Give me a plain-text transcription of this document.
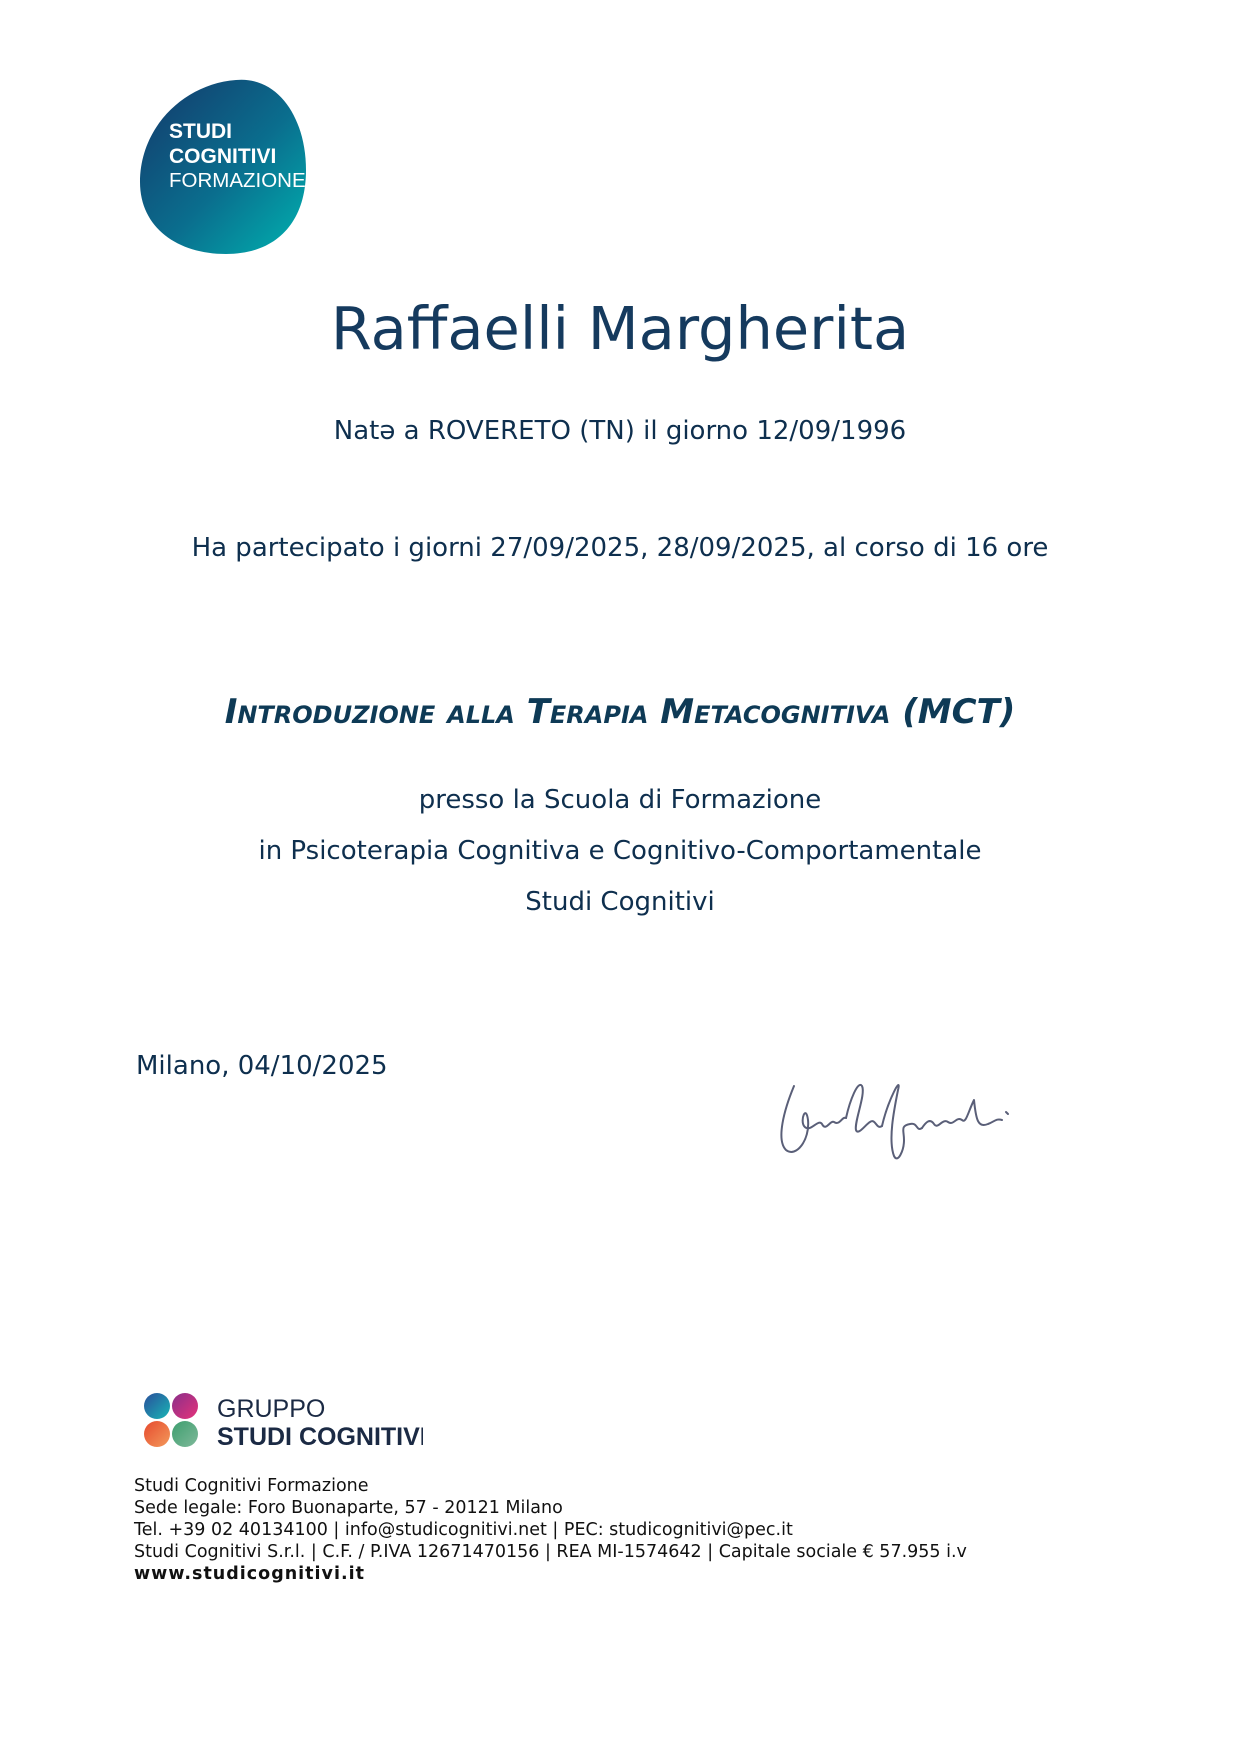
STUDI
COGNITIVI
FORMAZIONE
Raffaelli Margherita
Natə a ROVERETO (TN) il giorno 12/09/1996
Ha partecipato i giorni 27/09/2025, 28/09/2025, al corso di 16 ore
Introduzione alla Terapia Metacognitiva (MCT)
presso la Scuola di Formazione
in Psicoterapia Cognitiva e Cognitivo-Comportamentale
Studi Cognitivi
Milano, 04/10/2025
GRUPPO
STUDI COGNITIVI
Studi Cognitivi Formazione
Sede legale: Foro Buonaparte, 57 - 20121 Milano
Tel. +39 02 40134100 | info@studicognitivi.net | PEC: studicognitivi@pec.it
Studi Cognitivi S.r.l. | C.F. / P.IVA 12671470156 | REA MI-1574642 | Capitale sociale € 57.955 i.v
www.studicognitivi.it
